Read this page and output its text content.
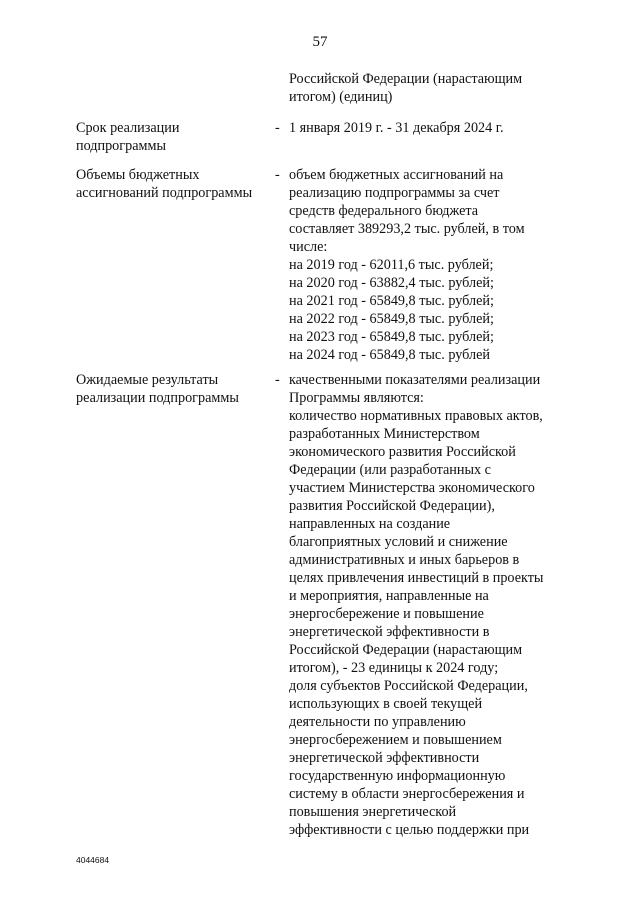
57
Российской Федерации (нарастающим
итогом) (единиц)
Срок реализации
подпрограммы
- 1 января 2019 г. - 31 декабря 2024 г.
Объемы бюджетных
ассигнований подпрограммы
- объем бюджетных ассигнований на
реализацию подпрограммы за счет
средств федерального бюджета
составляет 389293,2 тыс. рублей, в том
числе:
на 2019 год - 62011,6 тыс. рублей;
на 2020 год - 63882,4 тыс. рублей;
на 2021 год - 65849,8 тыс. рублей;
на 2022 год - 65849,8 тыс. рублей;
на 2023 год - 65849,8 тыс. рублей;
на 2024 год - 65849,8 тыс. рублей
Ожидаемые результаты
реализации подпрограммы
- качественными показателями реализации
Программы являются:
количество нормативных правовых актов,
разработанных Министерством
экономического развития Российской
Федерации (или разработанных с
участием Министерства экономического
развития Российской Федерации),
направленных на создание
благоприятных условий и снижение
административных и иных барьеров в
целях привлечения инвестиций в проекты
и мероприятия, направленные на
энергосбережение и повышение
энергетической эффективности в
Российской Федерации (нарастающим
итогом), - 23 единицы к 2024 году;
доля субъектов Российской Федерации,
использующих в своей текущей
деятельности по управлению
энергосбережением и повышением
энергетической эффективности
государственную информационную
систему в области энергосбережения и
повышения энергетической
эффективности с целью поддержки при
4044684
